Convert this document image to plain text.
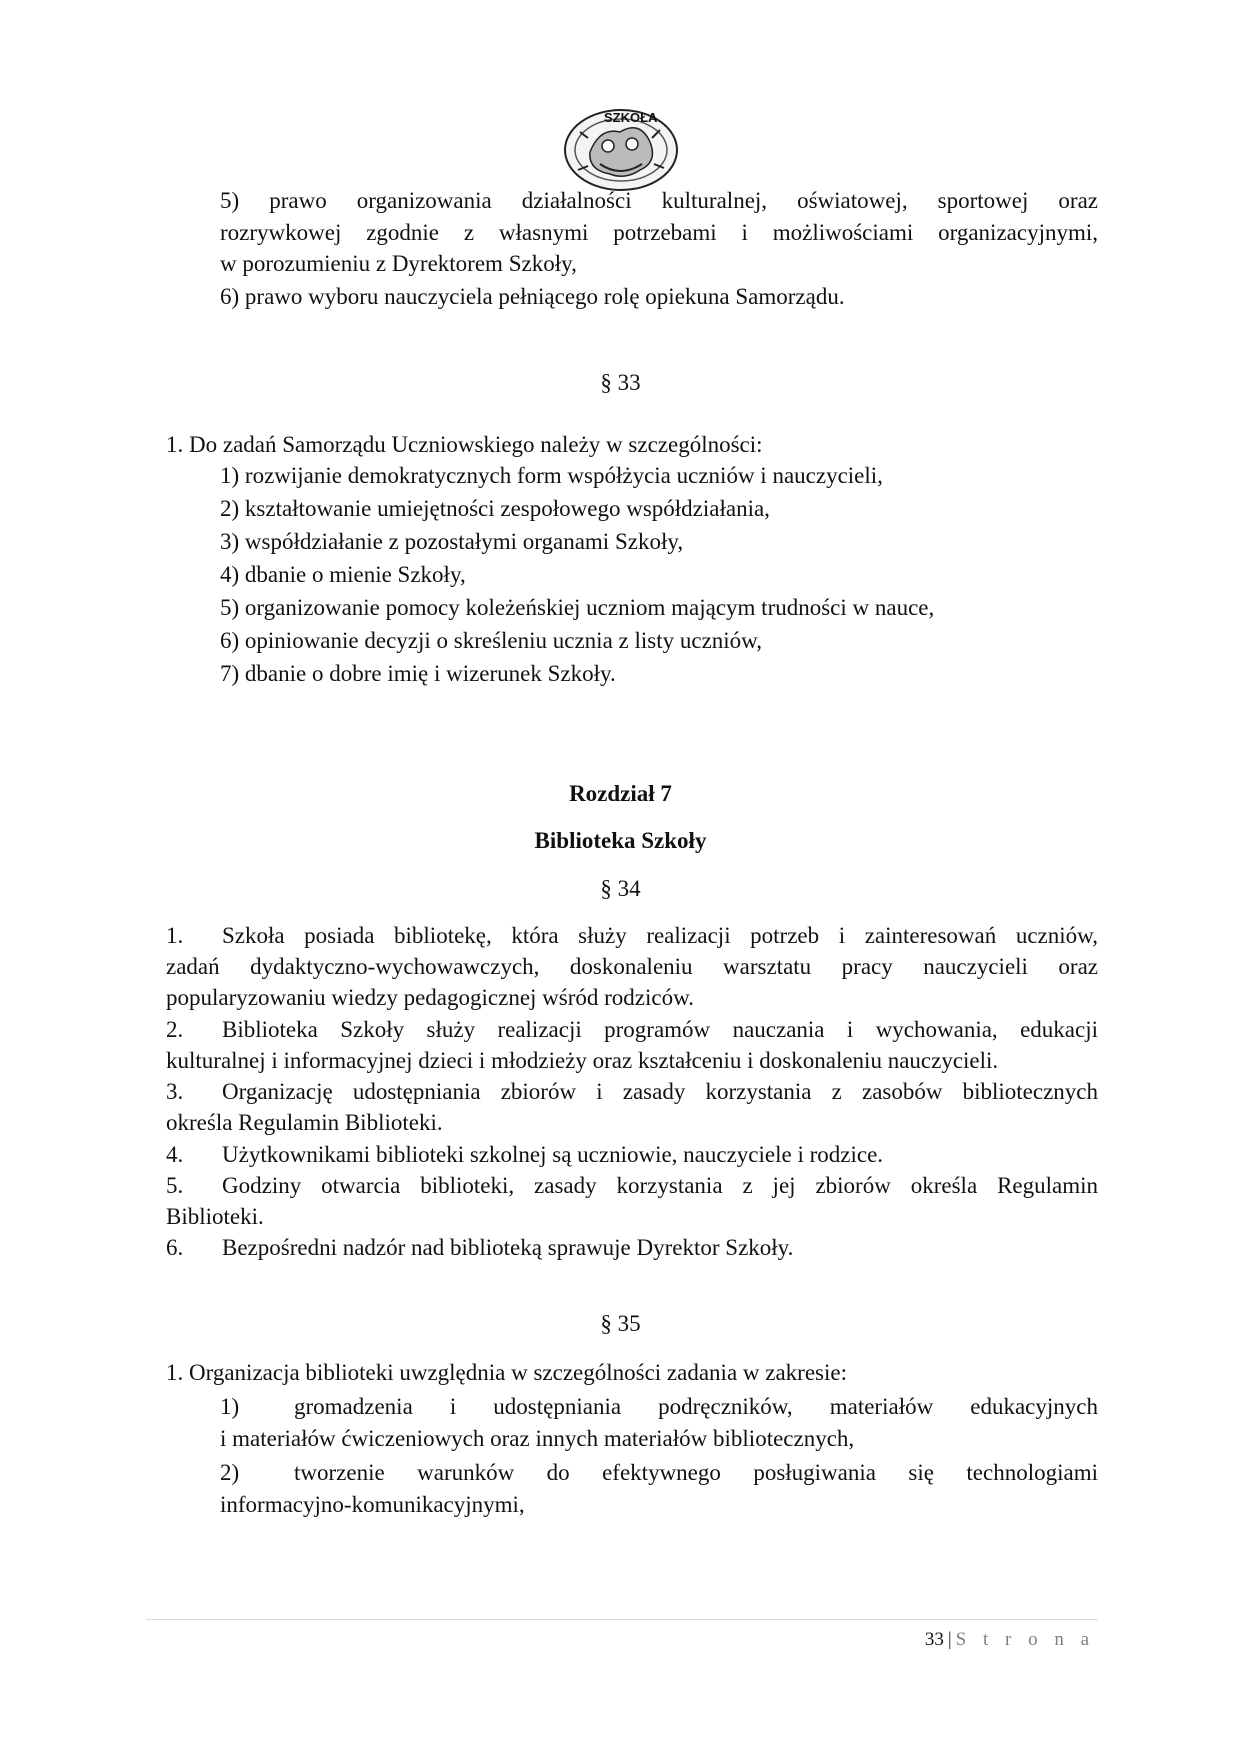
SZKOŁA
5) prawo organizowania działalności kulturalnej, oświatowej, sportowej oraz
rozrywkowej zgodnie z własnymi potrzebami i możliwościami organizacyjnymi,
w porozumieniu z Dyrektorem Szkoły,
6) prawo wyboru nauczyciela pełniącego rolę opiekuna Samorządu.
§ 33
1. Do zadań Samorządu Uczniowskiego należy w szczególności:
1) rozwijanie demokratycznych form współżycia uczniów i nauczycieli,
2) kształtowanie umiejętności zespołowego współdziałania,
3) współdziałanie z pozostałymi organami Szkoły,
4) dbanie o mienie Szkoły,
5) organizowanie pomocy koleżeńskiej uczniom mającym trudności w nauce,
6) opiniowanie decyzji o skreśleniu ucznia z listy uczniów,
7) dbanie o dobre imię i wizerunek Szkoły.
Rozdział 7
Biblioteka Szkoły
§ 34
1. Szkoła posiada bibliotekę, która służy realizacji potrzeb i zainteresowań uczniów,
zadań dydaktyczno-wychowawczych, doskonaleniu warsztatu pracy nauczycieli oraz
popularyzowaniu wiedzy pedagogicznej wśród rodziców.
2. Biblioteka Szkoły służy realizacji programów nauczania i wychowania, edukacji
kulturalnej i informacyjnej dzieci i młodzieży oraz kształceniu i doskonaleniu nauczycieli.
3. Organizację udostępniania zbiorów i zasady korzystania z zasobów bibliotecznych
określa Regulamin Biblioteki.
4. Użytkownikami biblioteki szkolnej są uczniowie, nauczyciele i rodzice.
5. Godziny otwarcia biblioteki, zasady korzystania z jej zbiorów określa Regulamin
Biblioteki.
6. Bezpośredni nadzór nad biblioteką sprawuje Dyrektor Szkoły.
§ 35
1. Organizacja biblioteki uwzględnia w szczególności zadania w zakresie:
1) gromadzenia i udostępniania podręczników, materiałów edukacyjnych
i materiałów ćwiczeniowych oraz innych materiałów bibliotecznych,
2) tworzenie warunków do efektywnego posługiwania się technologiami
informacyjno-komunikacyjnymi,
33 | S t r o n a
